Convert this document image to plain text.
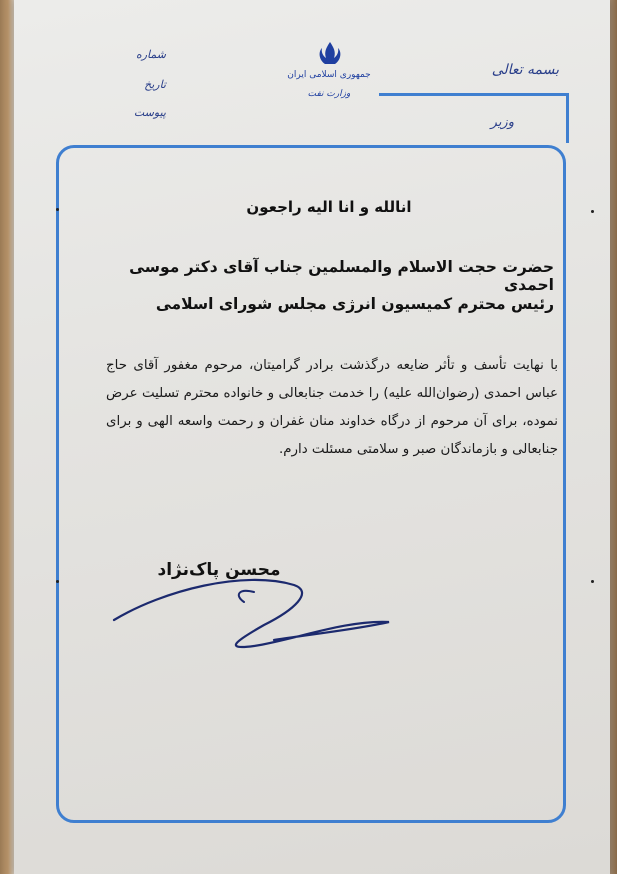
بسمه تعالی
وزیر
شماره
تاریخ
پیوست
جمهوری اسلامی ایران
وزارت نفت
انالله و انا الیه راجعون
حضرت حجت الاسلام والمسلمین جناب آقای دکتر موسی احمدی
رئیس محترم کمیسیون انرژی مجلس شورای اسلامی
با نهایت تأسف و تأثر ضایعه درگذشت برادر گرامیتان، مرحوم مغفور آقای حاج عباس احمدی (رضوان‌الله علیه) را خدمت جنابعالی و خانواده محترم تسلیت عرض نموده، برای آن مرحوم از درگاه خداوند منان غفران و رحمت واسعه الهی و برای جنابعالی و بازماندگان صبر و سلامتی مسئلت دارم.
محسن پاک‌نژاد
